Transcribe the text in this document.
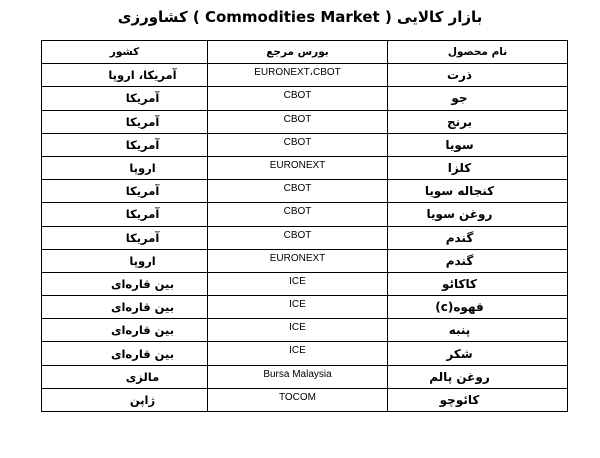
بازار کالایی ( Commodities Market ) کشاورزی
نام محصول	بورس مرجع	کشور
ذرت	EURONEXT،CBOT	آمریکا، اروپا
جو	CBOT	آمریکا
برنج	CBOT	آمریکا
سویا	CBOT	آمریکا
کلزا	EURONEXT	اروپا
کنجاله سویا	CBOT	آمریکا
روغن سویا	CBOT	آمریکا
گندم	CBOT	آمریکا
گندم	EURONEXT	اروپا
کاکائو	ICE	بین قاره‌ای
قهوه(c)	ICE	بین قاره‌ای
پنبه	ICE	بین قاره‌ای
شکر	ICE	بین قاره‌ای
روغن پالم	Bursa Malaysia	مالزی
کائوچو	TOCOM	ژاپن
